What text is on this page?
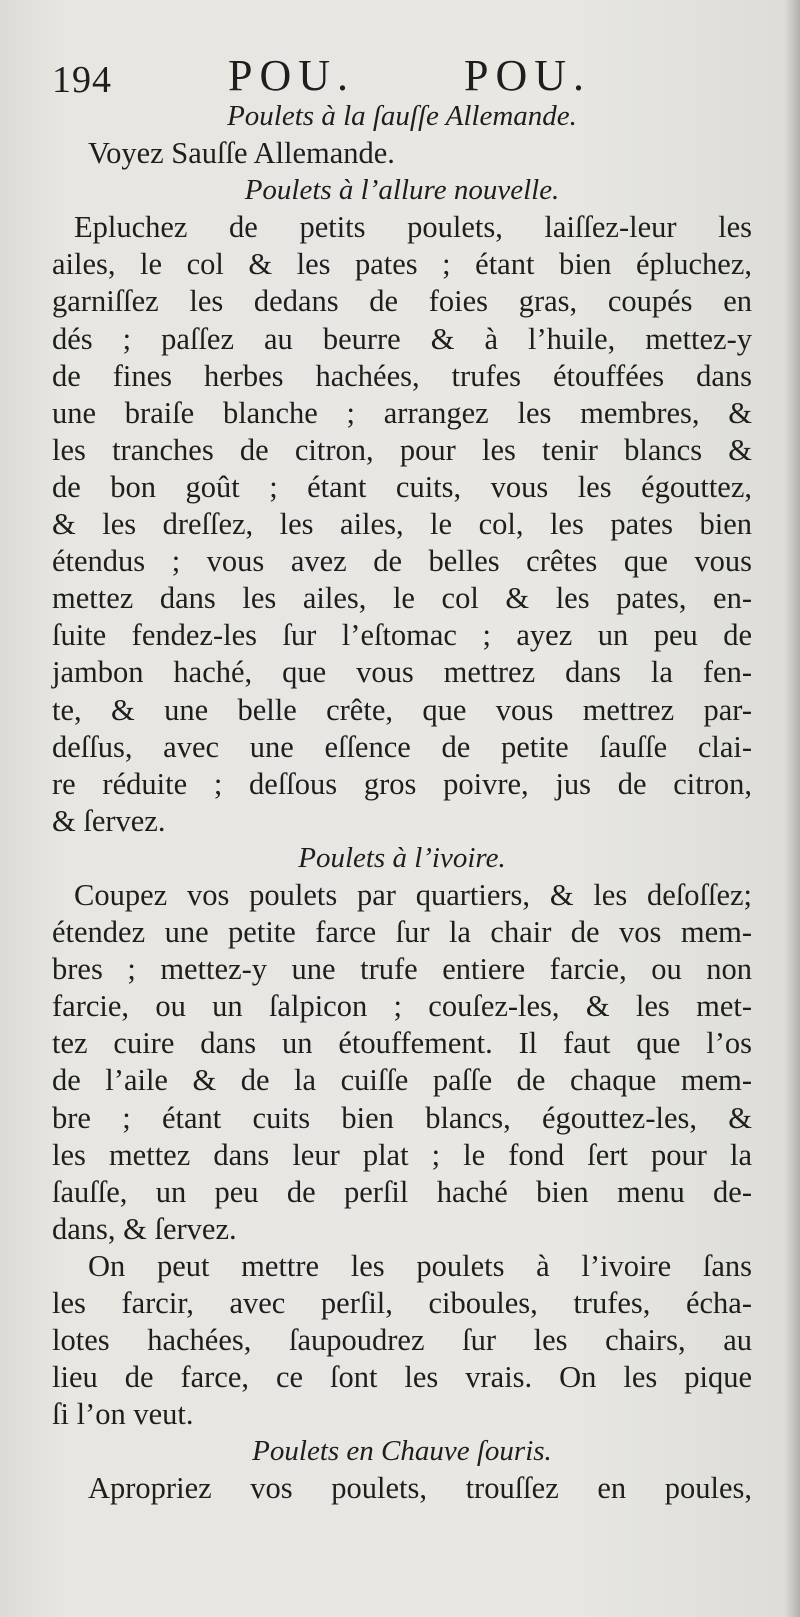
194	POU. POU.
Poulets à la ſauſſe Allemande.
Voyez Sauſſe Allemande.
Poulets à l’allure nouvelle.
Epluchez de petits poulets, laiſſez-leur les
ailes, le col & les pates ; étant bien épluchez,
garniſſez les dedans de foies gras, coupés en
dés ; paſſez au beurre & à l’huile, mettez-y
de fines herbes hachées, trufes étouffées dans
une braiſe blanche ; arrangez les membres, &
les tranches de citron, pour les tenir blancs &
de bon goût ; étant cuits, vous les égouttez,
& les dreſſez, les ailes, le col, les pates bien
étendus ; vous avez de belles crêtes que vous
mettez dans les ailes, le col & les pates, en-
ſuite fendez-les ſur l’eſtomac ; ayez un peu de
jambon haché, que vous mettrez dans la fen-
te, & une belle crête, que vous mettrez par-
deſſus, avec une eſſence de petite ſauſſe clai-
re réduite ; deſſous gros poivre, jus de citron,
& ſervez.
Poulets à l’ivoire.
Coupez vos poulets par quartiers, & les deſoſſez;
étendez une petite farce ſur la chair de vos mem-
bres ; mettez-y une trufe entiere farcie, ou non
farcie, ou un ſalpicon ; couſez-les, & les met-
tez cuire dans un étouffement. Il faut que l’os
de l’aile & de la cuiſſe paſſe de chaque mem-
bre ; étant cuits bien blancs, égouttez-les, &
les mettez dans leur plat ; le fond ſert pour la
ſauſſe, un peu de perſil haché bien menu de-
dans, & ſervez.
On peut mettre les poulets à l’ivoire ſans
les farcir, avec perſil, ciboules, trufes, écha-
lotes hachées, ſaupoudrez ſur les chairs, au
lieu de farce, ce ſont les vrais. On les pique
ſi l’on veut.
Poulets en Chauve ſouris.
Apropriez vos poulets, trouſſez en poules,
